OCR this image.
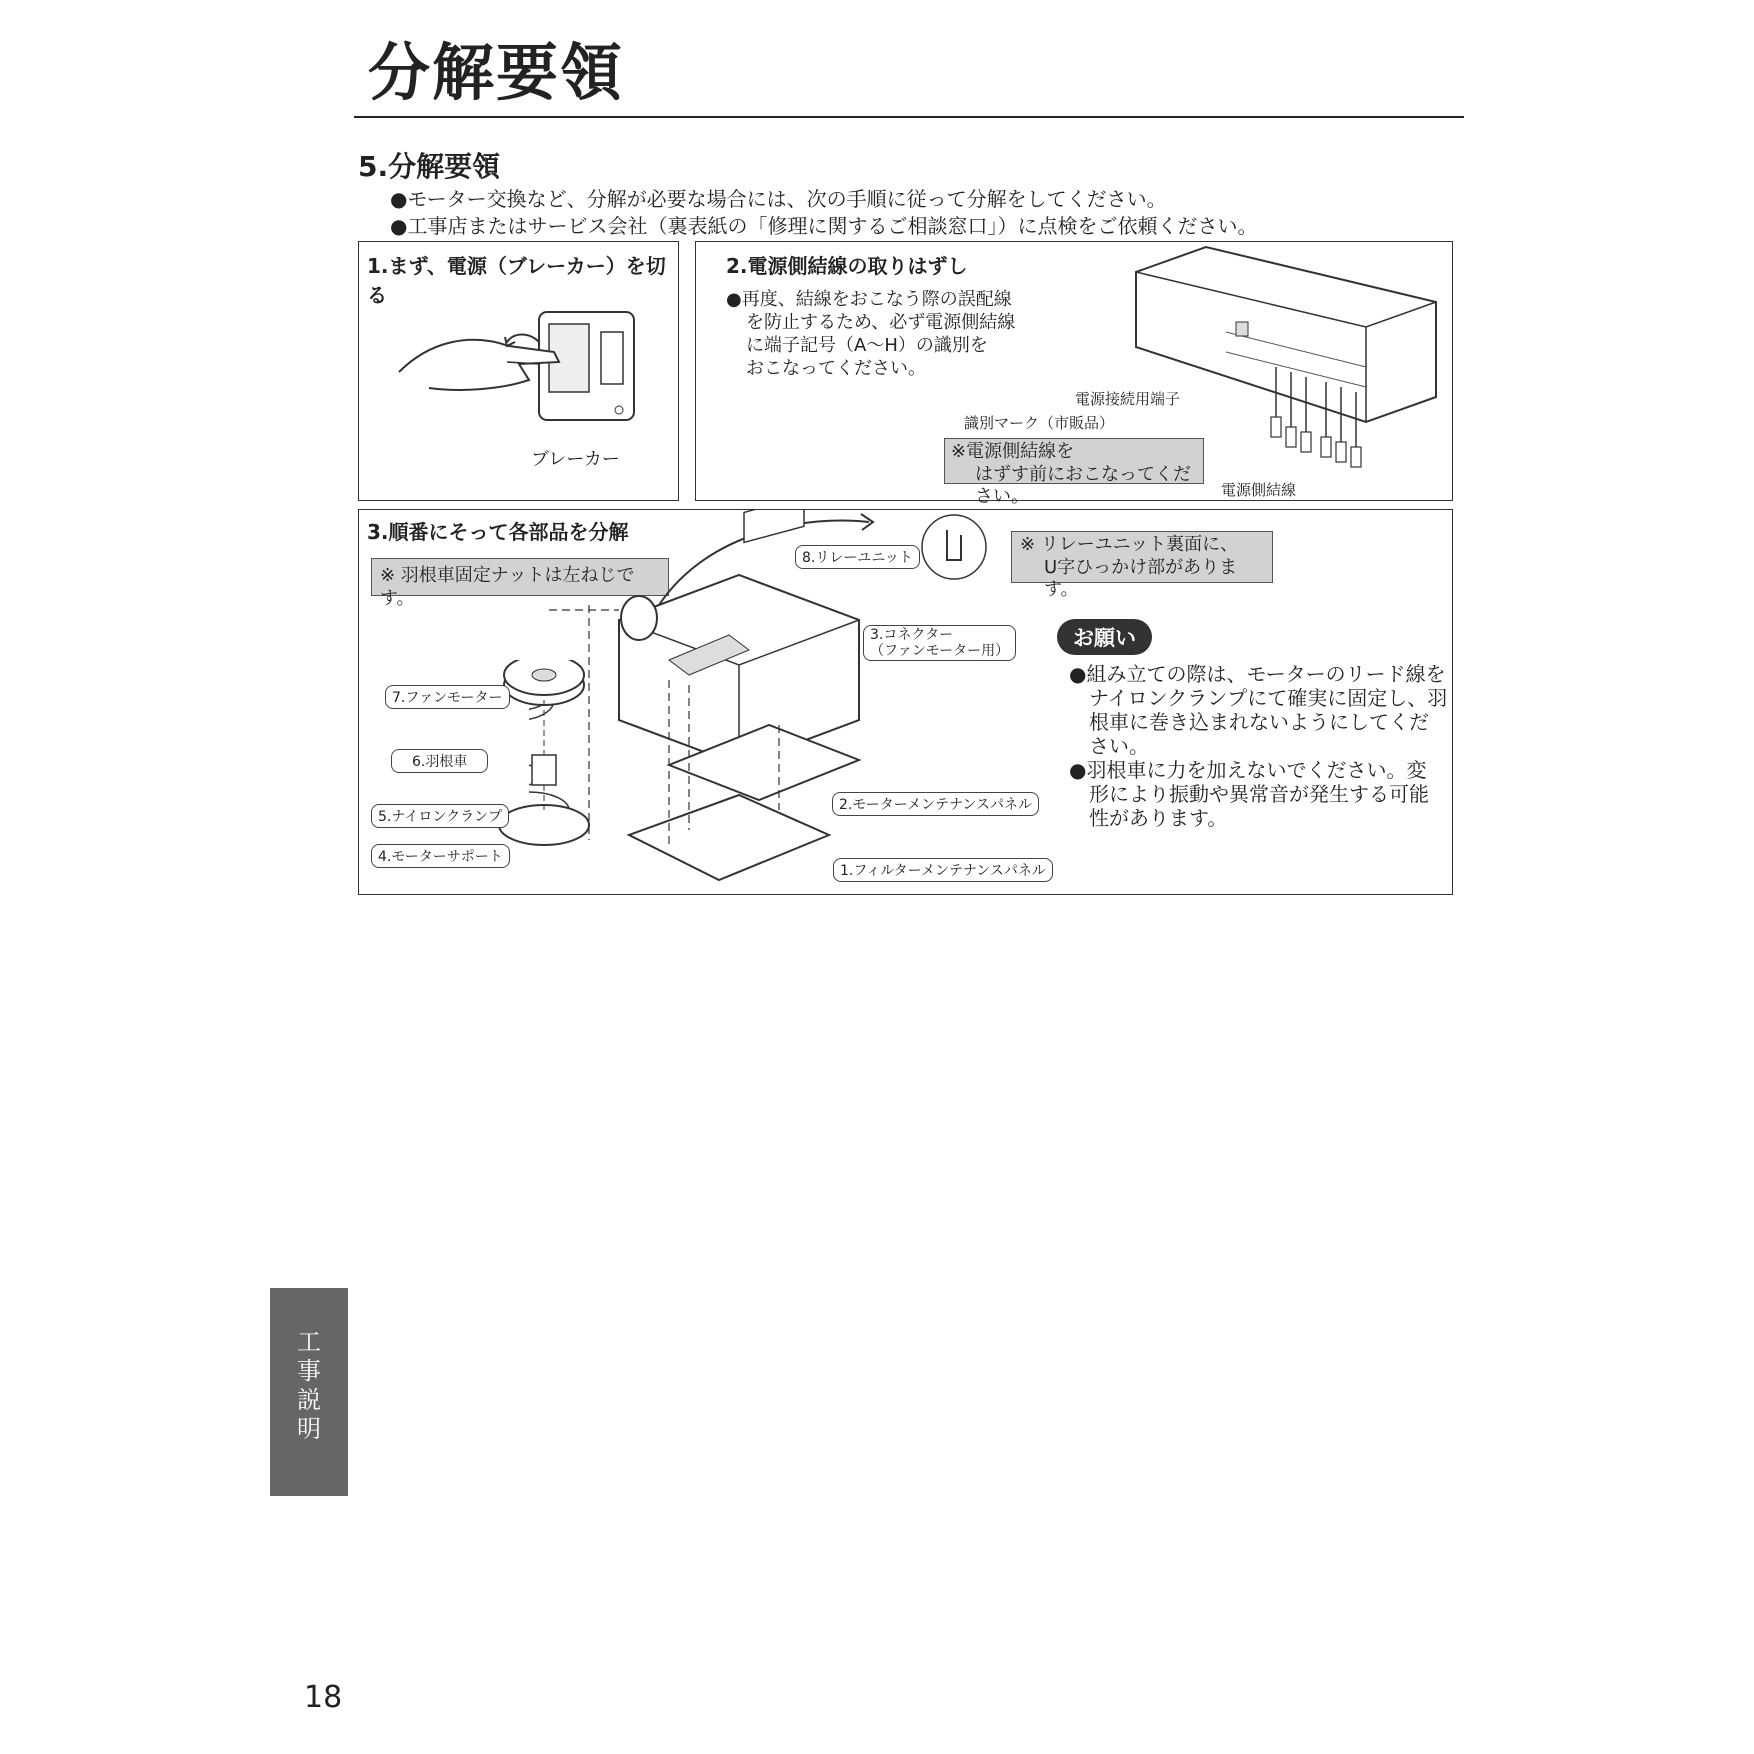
分解要領
5.分解要領
●モーター交換など、分解が必要な場合には、次の手順に従って分解をしてください。
●工事店またはサービス会社（裏表紙の「修理に関するご相談窓口」）に点検をご依頼ください。
1.まず、電源（ブレーカー）を切る
ブレーカー
2.電源側結線の取りはずし
●再度、結線をおこなう際の誤配線
を防止するため、必ず電源側結線
に端子記号（A〜H）の識別を
おこなってください。
電源接続用端子
識別マーク（市販品）
※電源側結線を
はずす前におこなってください。	電源側結線
3.順番にそって各部品を分解
※ 羽根車固定ナットは左ねじです。
※ リレーユニット裏面に、
U字ひっかけ部があります。
8.リレーユニット
3.コネクター
（ファンモーター用）
7.ファンモーター
6.羽根車
5.ナイロンクランプ
4.モーターサポート
2.モーターメンテナンスパネル
1.フィルターメンテナンスパネル
お願い
●組み立ての際は、モーターのリード線を
ナイロンクランプにて確実に固定し、羽
根車に巻き込まれないようにしてくだ
さい。
●羽根車に力を加えないでください。変
形により振動や異常音が発生する可能
性があります。
工
事
説
明
18
